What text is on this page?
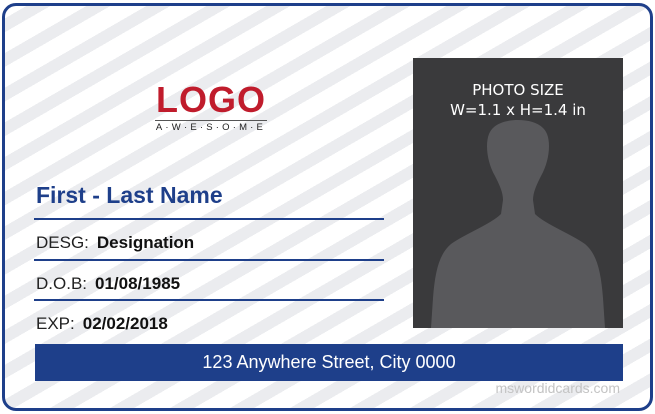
LOGO
A·W·E·S·O·M·E
First - Last Name
DESG: Designation
D.O.B: 01/08/1985
EXP: 02/02/2018
PHOTO SIZE
W=1.1 x H=1.4 in
123 Anywhere Street, City 0000
mswordidcards.com
